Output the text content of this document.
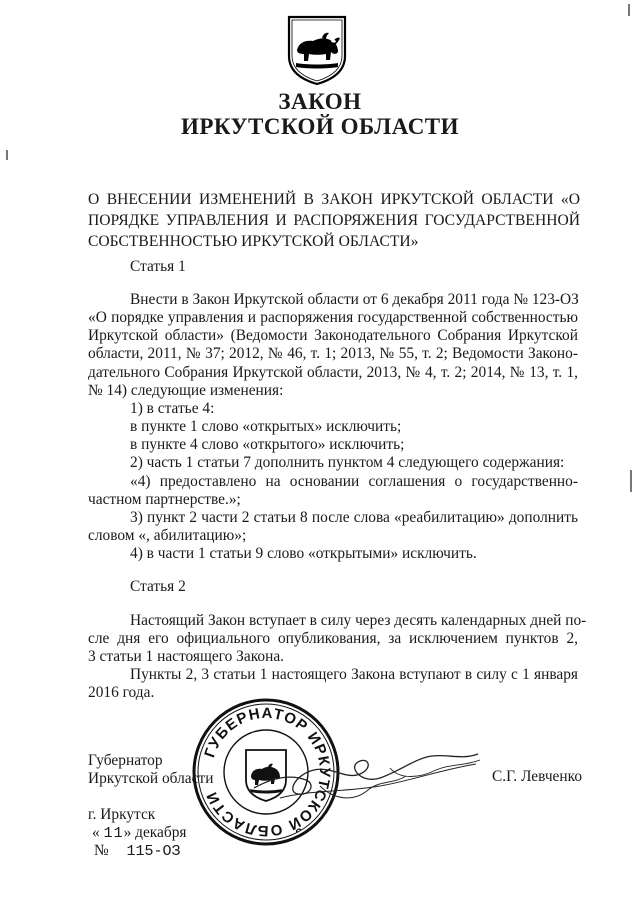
ЗАКОН
ИРКУТСКОЙ ОБЛАСТИ
О ВНЕСЕНИИ ИЗМЕНЕНИЙ В ЗАКОН ИРКУТСКОЙ ОБЛАСТИ «О ПОРЯДКЕ УПРАВЛЕНИЯ И РАСПОРЯЖЕНИЯ ГОСУДАРСТВЕННОЙ СОБСТВЕННОСТЬЮ ИРКУТСКОЙ ОБЛАСТИ»
Статья 1
Внести в Закон Иркутской области от 6 декабря 2011 года № 123-ОЗ
«О порядке управления и распоряжения государственной собственностью
Иркутской области» (Ведомости Законодательного Собрания Иркутской
области, 2011, № 37; 2012, № 46, т. 1; 2013, № 55, т. 2; Ведомости Законо-
дательного Собрания Иркутской области, 2013, № 4, т. 2; 2014, № 13, т. 1,
№ 14) следующие изменения:
1) в статье 4:
в пункте 1 слово «открытых» исключить;
в пункте 4 слово «открытого» исключить;
2) часть 1 статьи 7 дополнить пунктом 4 следующего содержания:
«4) предоставлено на основании соглашения о государственно-
частном партнерстве.»;
3) пункт 2 части 2 статьи 8 после слова «реабилитацию» дополнить
словом «, абилитацию»;
4) в части 1 статьи 9 слово «открытыми» исключить.
Статья 2
Настоящий Закон вступает в силу через десять календарных дней по-
сле дня его официального опубликования, за исключением пунктов 2,
3 статьи 1 настоящего Закона.
Пункты 2, 3 статьи 1 настоящего Закона вступают в силу с 1 января
2016 года.
Губернатор
Иркутской области	С.Г. Левченко
г. Иркутск
« 11» декабря
№ 115-ОЗ
ГУБЕРНАТОР ИРКУТСКОЙ ОБЛАСТИ
